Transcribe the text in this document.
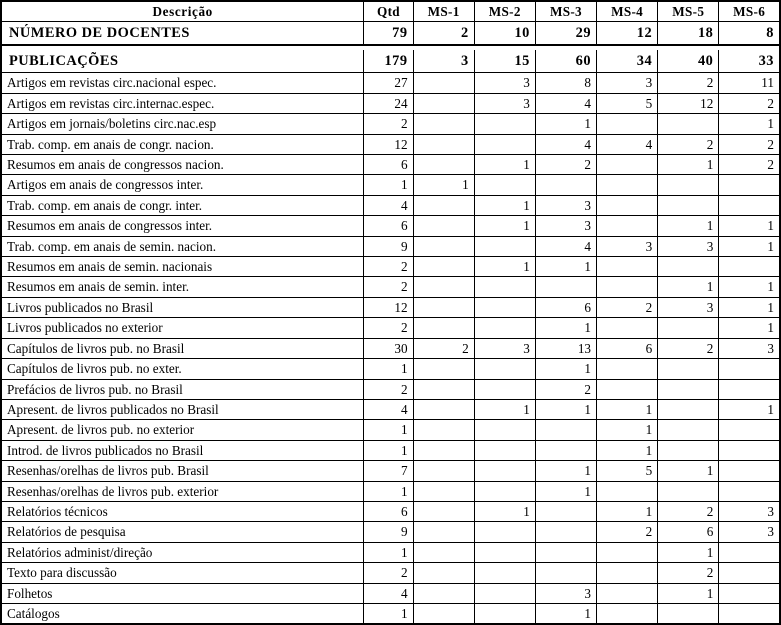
Descrição	Qtd	MS-1	MS-2	MS-3	MS-4	MS-5	MS-6
NÚMERO DE DOCENTES	79	2	10	29	12	18	8

PUBLICAÇÕES	179	3	15	60	34	40	33
Artigos em revistas circ.nacional espec.	27		3	8	3	2	11
Artigos em revistas circ.internac.espec.	24		3	4	5	12	2
Artigos em jornais/boletins circ.nac.esp	2			1			1
Trab. comp. em anais de congr. nacion.	12			4	4	2	2
Resumos em anais de congressos nacion.	6		1	2		1	2
Artigos em anais de congressos inter.	1	1					
Trab. comp. em anais de congr. inter.	4		1	3			
Resumos em anais de congressos inter.	6		1	3		1	1
Trab. comp. em anais de semin. nacion.	9			4	3	3	1
Resumos em anais de semin. nacionais	2		1	1			
Resumos em anais de semin. inter.	2					1	1
Livros publicados no Brasil	12			6	2	3	1
Livros publicados no exterior	2			1			1
Capítulos de livros pub. no Brasil	30	2	3	13	6	2	3
Capítulos de livros pub. no exter.	1			1			
Prefácios de livros pub. no Brasil	2			2			
Apresent. de livros publicados no Brasil	4		1	1	1		1
Apresent. de livros pub. no exterior	1				1		
Introd. de livros publicados no Brasil	1				1		
Resenhas/orelhas de livros pub. Brasil	7			1	5	1	
Resenhas/orelhas de livros pub. exterior	1			1			
Relatórios técnicos	6		1		1	2	3
Relatórios de pesquisa	9				2	6	3
Relatórios administ/direção	1					1	
Texto para discussão	2					2	
Folhetos	4			3		1	
Catálogos	1			1			
